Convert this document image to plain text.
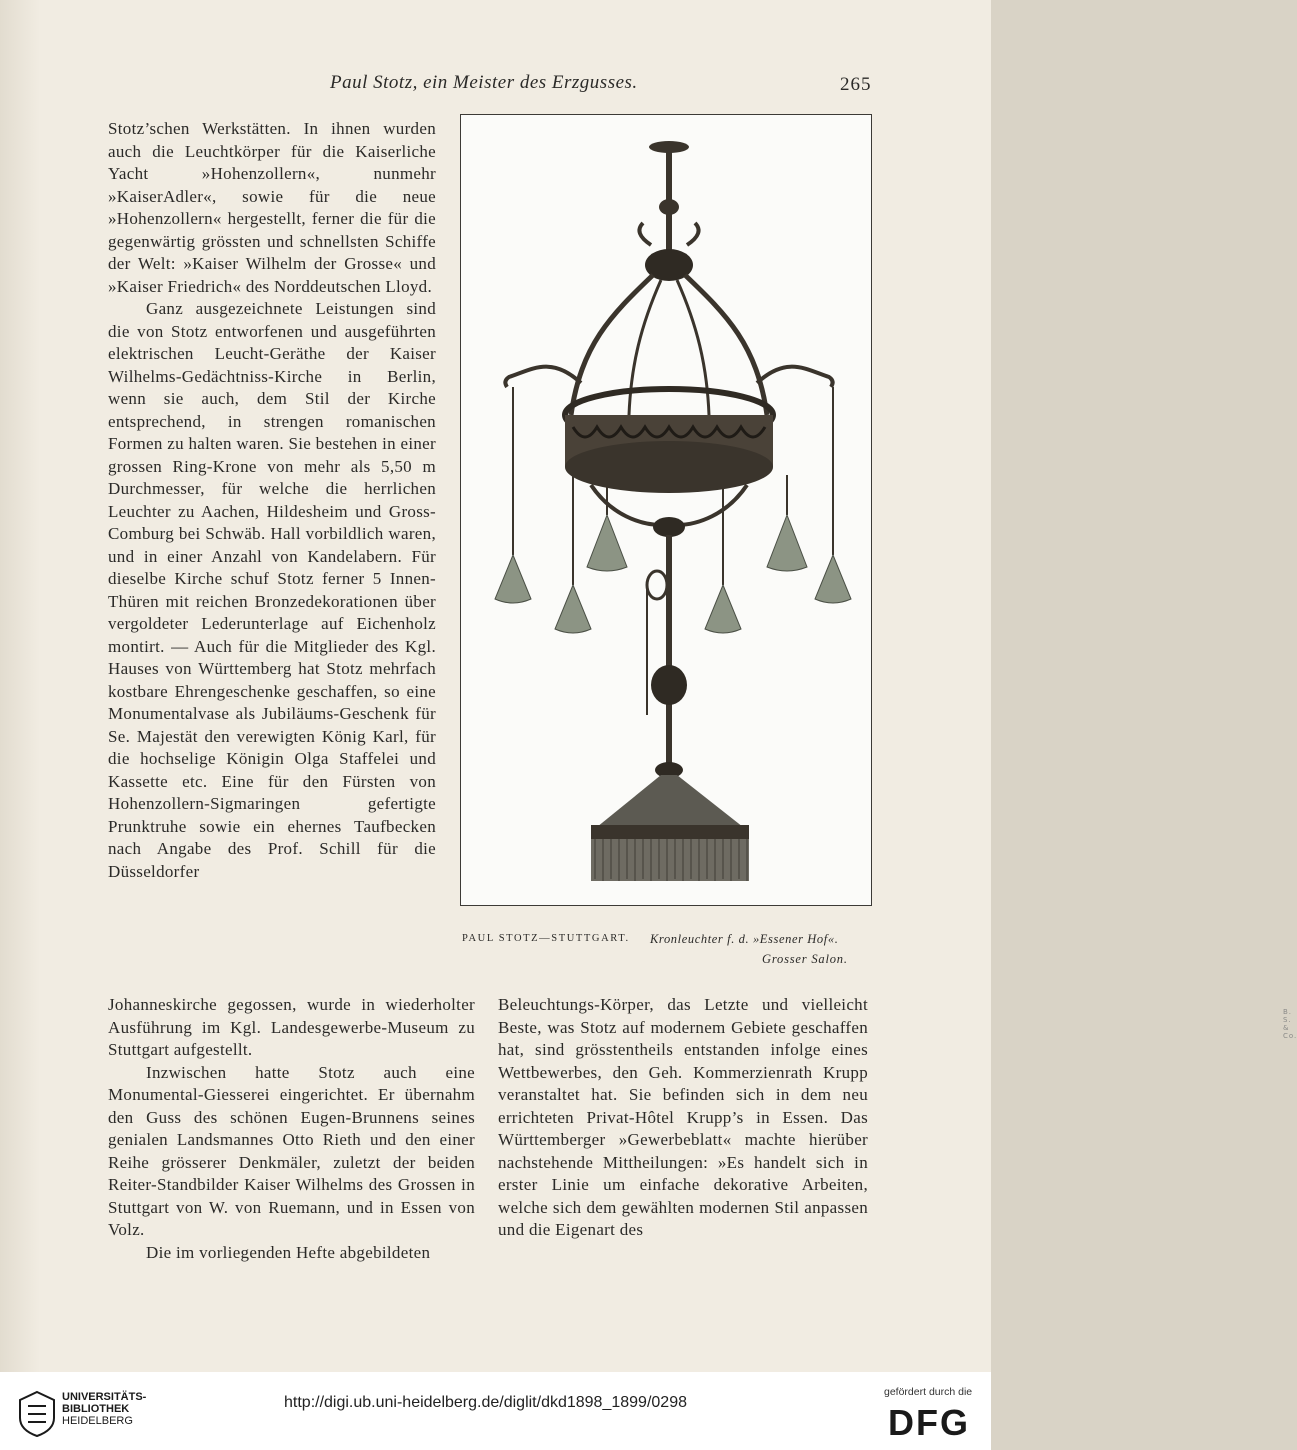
Paul Stotz, ein Meister des Erzgusses.	265

Stotz’schen Werkstätten. In ihnen wurden auch die Leuchtkörper für die Kaiserliche Yacht »Hohenzollern«, nunmehr »KaiserAdler«, sowie für die neue »Hohenzollern« hergestellt, ferner die für die gegenwärtig grössten und schnellsten Schiffe der Welt: »Kaiser Wilhelm der Grosse« und »Kaiser Friedrich« des Norddeutschen Lloyd.

Ganz ausgezeichnete Leistungen sind die von Stotz entworfenen und ausgeführten elektrischen Leucht-Geräthe der Kaiser Wilhelms-Gedächtniss-Kirche in Berlin, wenn sie auch, dem Stil der Kirche entsprechend, in strengen romanischen Formen zu halten waren. Sie bestehen in einer grossen Ring-Krone von mehr als 5,50 m Durchmesser, für welche die herrlichen Leuchter zu Aachen, Hildesheim und Gross-Comburg bei Schwäb. Hall vorbildlich waren, und in einer Anzahl von Kandelabern. Für dieselbe Kirche schuf Stotz ferner 5 Innen-Thüren mit reichen Bronzedekorationen über vergoldeter Lederunterlage auf Eichenholz montirt. — Auch für die Mitglieder des Kgl. Hauses von Württemberg hat Stotz mehrfach kostbare Ehrengeschenke geschaffen, so eine Monumentalvase als Jubiläums-Geschenk für Se. Majestät den verewigten König Karl, für die hochselige Königin Olga Staffelei und Kassette etc. Eine für den Fürsten von Hohenzollern-Sigmaringen gefertigte Prunktruhe sowie ein ehernes Taufbecken nach Angabe des Prof. Schill für die Düsseldorfer

B. S. & Co.
PAUL STOTZ—STUTTGART. Kronleuchter f. d. »Essener Hof«.
Grosser Salon.

Johanneskirche gegossen, wurde in wiederholter Ausführung im Kgl. Landesgewerbe-Museum zu Stuttgart aufgestellt.

Inzwischen hatte Stotz auch eine Monumental-Giesserei eingerichtet. Er übernahm den Guss des schönen Eugen-Brunnens seines genialen Landsmannes Otto Rieth und den einer Reihe grösserer Denkmäler, zuletzt der beiden Reiter-Standbilder Kaiser Wilhelms des Grossen in Stuttgart von W. von Ruemann, und in Essen von Volz.

Die im vorliegenden Hefte abgebildeten

Beleuchtungs-Körper, das Letzte und vielleicht Beste, was Stotz auf modernem Gebiete geschaffen hat, sind grösstentheils entstanden infolge eines Wettbewerbes, den Geh. Kommerzienrath Krupp veranstaltet hat. Sie befinden sich in dem neu errichteten Privat-Hôtel Krupp’s in Essen. Das Württemberger »Gewerbeblatt« machte hierüber nachstehende Mittheilungen: »Es handelt sich in erster Linie um einfache dekorative Arbeiten, welche sich dem gewählten modernen Stil anpassen und die Eigenart des

UNIVERSITÄTS-
BIBLIOTHEK
HEIDELBERG
http://digi.ub.uni-heidelberg.de/diglit/dkd1898_1899/0298
gefördert durch die
DFG
